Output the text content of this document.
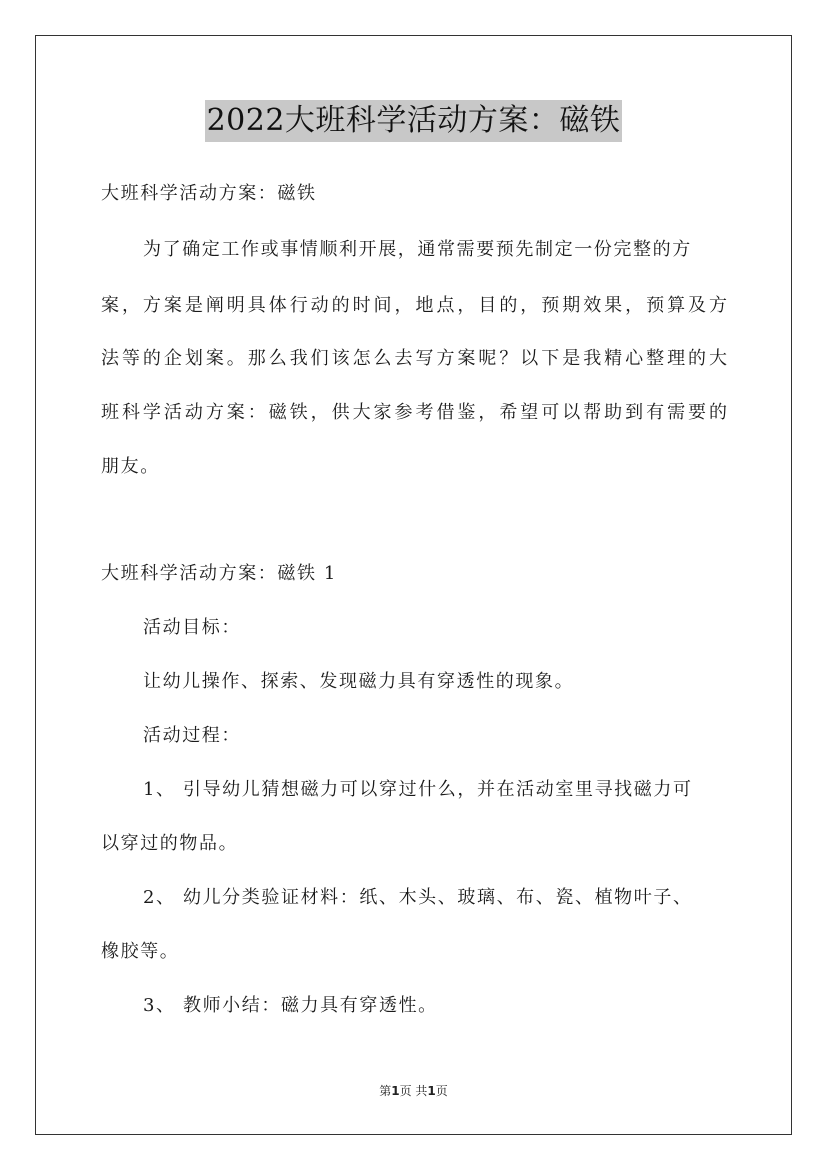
2022大班科学活动方案：磁铁
大班科学活动方案：磁铁
为了确定工作或事情顺利开展，通常需要预先制定一份完整的方
案，方案是阐明具体行动的时间，地点，目的，预期效果，预算及方
法等的企划案。那么我们该怎么去写方案呢？以下是我精心整理的大
班科学活动方案：磁铁，供大家参考借鉴，希望可以帮助到有需要的
朋友。
大班科学活动方案：磁铁 1
活动目标：
让幼儿操作、探索、发现磁力具有穿透性的现象。
活动过程：
1、 引导幼儿猜想磁力可以穿过什么，并在活动室里寻找磁力可
以穿过的物品。
2、 幼儿分类验证材料：纸、木头、玻璃、布、瓷、植物叶子、
橡胶等。
3、 教师小结：磁力具有穿透性。
第1页 共1页
